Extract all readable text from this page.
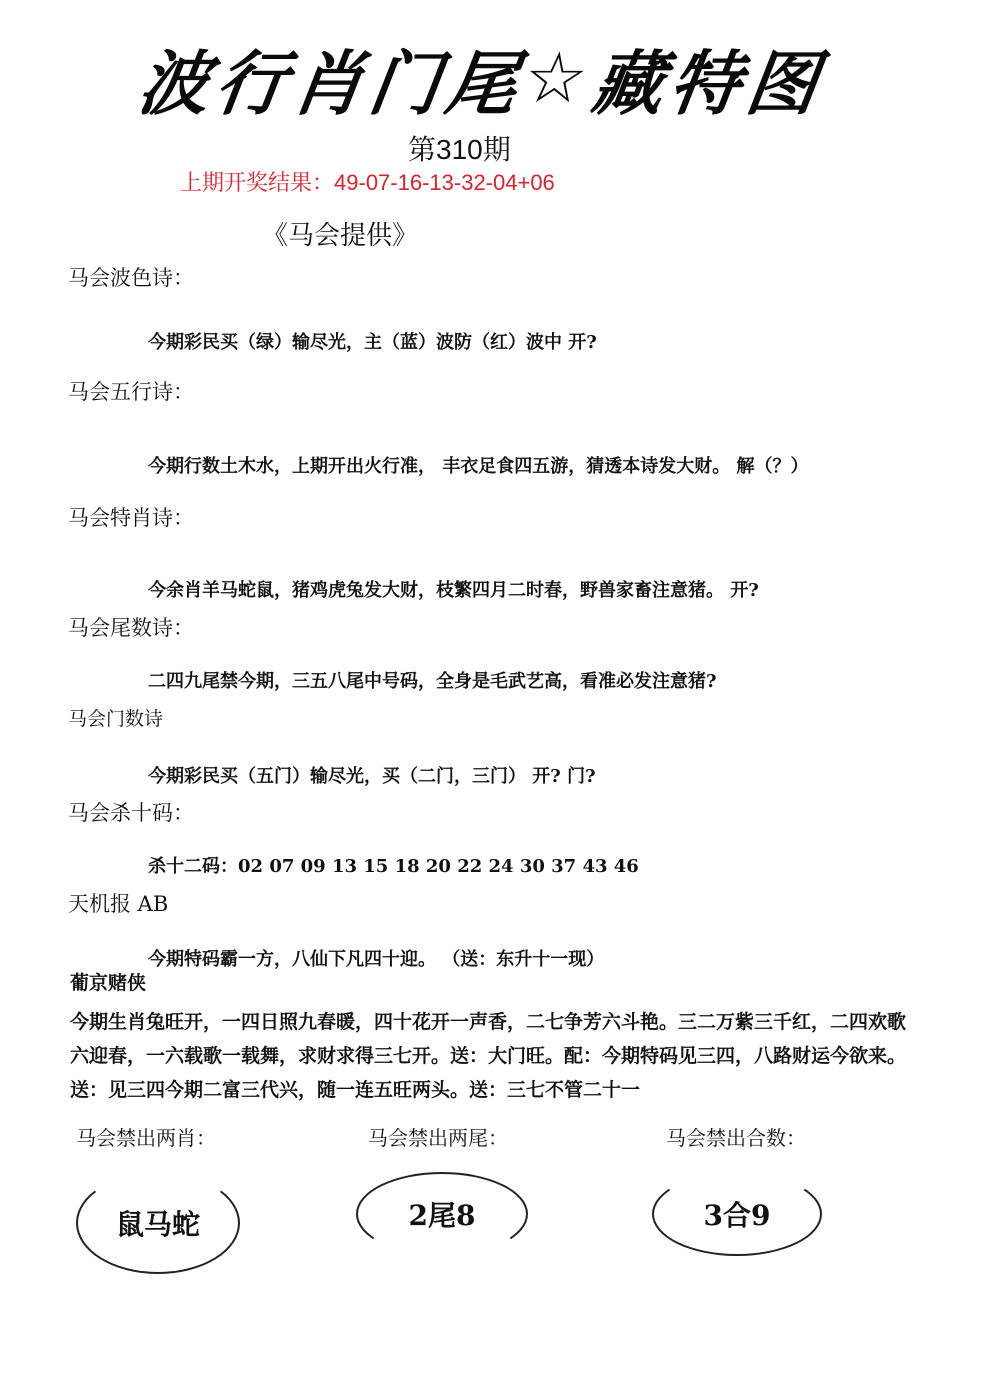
波
行
肖
门
尾
☆
藏
特
图
第310期
上期开奖结果：49-07-16-13-32-04+06
《马会提供》
马会波色诗：
今期彩民买（绿）输尽光，主（蓝）波防（红）波中 开?
马会五行诗：
今期行数土木水，上期开出火行准， 丰衣足食四五游，猜透本诗发大财。 解（？）
马会特肖诗：
今余肖羊马蛇鼠，猪鸡虎兔发大财，枝繁四月二时春，野兽家畜注意猪。 开?
马会尾数诗：
二四九尾禁今期，三五八尾中号码，全身是毛武艺高，看准必发注意猪?
马会门数诗
今期彩民买（五门）输尽光，买（二门，三门） 开? 门?
马会杀十码：
杀十二码：02 07 09 13 15 18 20 22 24 30 37 43 46
天机报 AB
今期特码霸一方，八仙下凡四十迎。 （送：东升十一现）
葡京赌侠
今期生肖兔旺开，一四日照九春暖，四十花开一声香，二七争芳六斗艳。三二万紫三千红，二四欢歌六迎春，一六载歌一载舞，求财求得三七开。送：大门旺。配：今期特码见三四，八路财运今欲来。送：见三四今期二富三代兴，随一连五旺两头。送：三七不管二十一
马会禁出两肖：	马会禁出两尾：	马会禁出合数：
鼠马蛇	2尾8	3合9
